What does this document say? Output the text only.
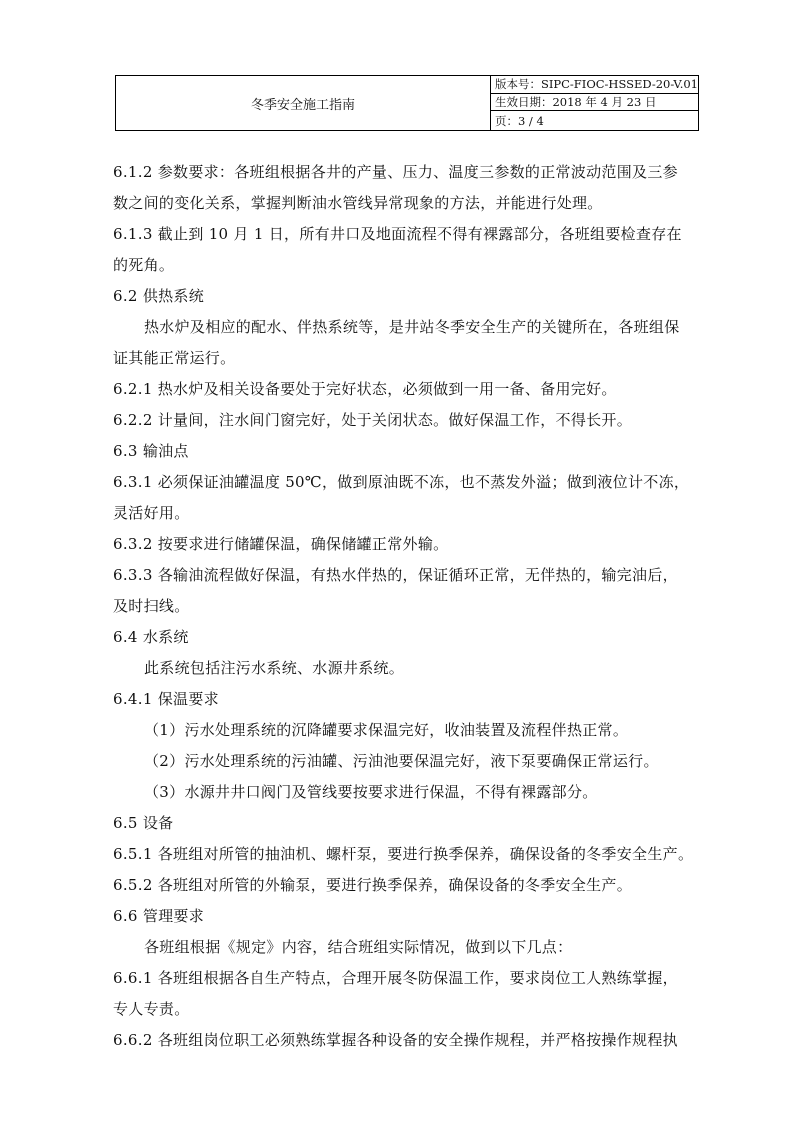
冬季安全施工指南
版本号：SIPC-FIOC-HSSED-20-V.01
生效日期：2018 年 4 月 23 日
页：3 / 4
6.1.2 参数要求：各班组根据各井的产量、压力、温度三参数的正常波动范围及三参
数之间的变化关系，掌握判断油水管线异常现象的方法，并能进行处理。
6.1.3 截止到 10 月 1 日，所有井口及地面流程不得有裸露部分，各班组要检查存在
的死角。
6.2 供热系统
热水炉及相应的配水、伴热系统等，是井站冬季安全生产的关键所在，各班组保
证其能正常运行。
6.2.1 热水炉及相关设备要处于完好状态，必须做到一用一备、备用完好。
6.2.2 计量间，注水间门窗完好，处于关闭状态。做好保温工作，不得长开。
6.3 输油点
6.3.1 必须保证油罐温度 50℃，做到原油既不冻，也不蒸发外溢；做到液位计不冻，
灵活好用。
6.3.2 按要求进行储罐保温，确保储罐正常外输。
6.3.3 各输油流程做好保温，有热水伴热的，保证循环正常，无伴热的，输完油后，
及时扫线。
6.4 水系统
此系统包括注污水系统、水源井系统。
6.4.1 保温要求
（1）污水处理系统的沉降罐要求保温完好，收油装置及流程伴热正常。
（2）污水处理系统的污油罐、污油池要保温完好，液下泵要确保正常运行。
（3）水源井井口阀门及管线要按要求进行保温，不得有裸露部分。
6.5 设备
6.5.1 各班组对所管的抽油机、螺杆泵，要进行换季保养，确保设备的冬季安全生产。
6.5.2 各班组对所管的外输泵，要进行换季保养，确保设备的冬季安全生产。
6.6 管理要求
各班组根据《规定》内容，结合班组实际情况，做到以下几点：
6.6.1 各班组根据各自生产特点，合理开展冬防保温工作，要求岗位工人熟练掌握，
专人专责。
6.6.2 各班组岗位职工必须熟练掌握各种设备的安全操作规程，并严格按操作规程执
